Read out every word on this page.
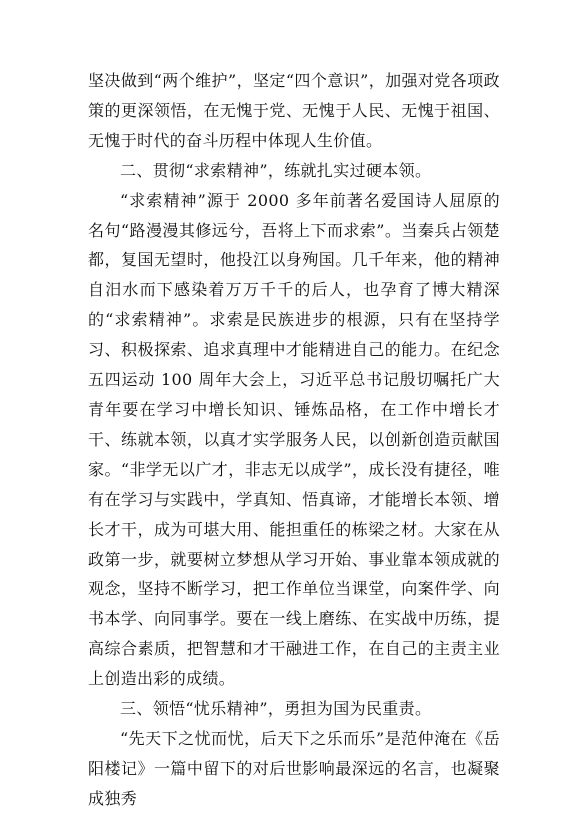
坚决做到“两个维护”，坚定“四个意识”，加强对党各项政策的更深领悟，在无愧于党、无愧于人民、无愧于祖国、无愧于时代的奋斗历程中体现人生价值。

二、贯彻“求索精神”，练就扎实过硬本领。

“求索精神”源于 2000 多年前著名爱国诗人屈原的名句“路漫漫其修远兮，吾将上下而求索”。当秦兵占领楚都，复国无望时，他投江以身殉国。几千年来，他的精神自汨水而下感染着万万千千的后人，也孕育了博大精深的“求索精神”。求索是民族进步的根源，只有在坚持学习、积极探索、追求真理中才能精进自己的能力。在纪念五四运动 100 周年大会上，习近平总书记殷切嘱托广大青年要在学习中增长知识、锤炼品格，在工作中增长才干、练就本领，以真才实学服务人民，以创新创造贡献国家。“非学无以广才，非志无以成学”，成长没有捷径，唯有在学习与实践中，学真知、悟真谛，才能增长本领、增长才干，成为可堪大用、能担重任的栋梁之材。大家在从政第一步，就要树立梦想从学习开始、事业靠本领成就的观念，坚持不断学习，把工作单位当课堂，向案件学、向书本学、向同事学。要在一线上磨练、在实战中历练，提高综合素质，把智慧和才干融进工作，在自己的主责主业上创造出彩的成绩。

三、领悟“忧乐精神”，勇担为国为民重责。

“先天下之忧而忧，后天下之乐而乐”是范仲淹在《岳阳楼记》一篇中留下的对后世影响最深远的名言，也凝聚成独秀
